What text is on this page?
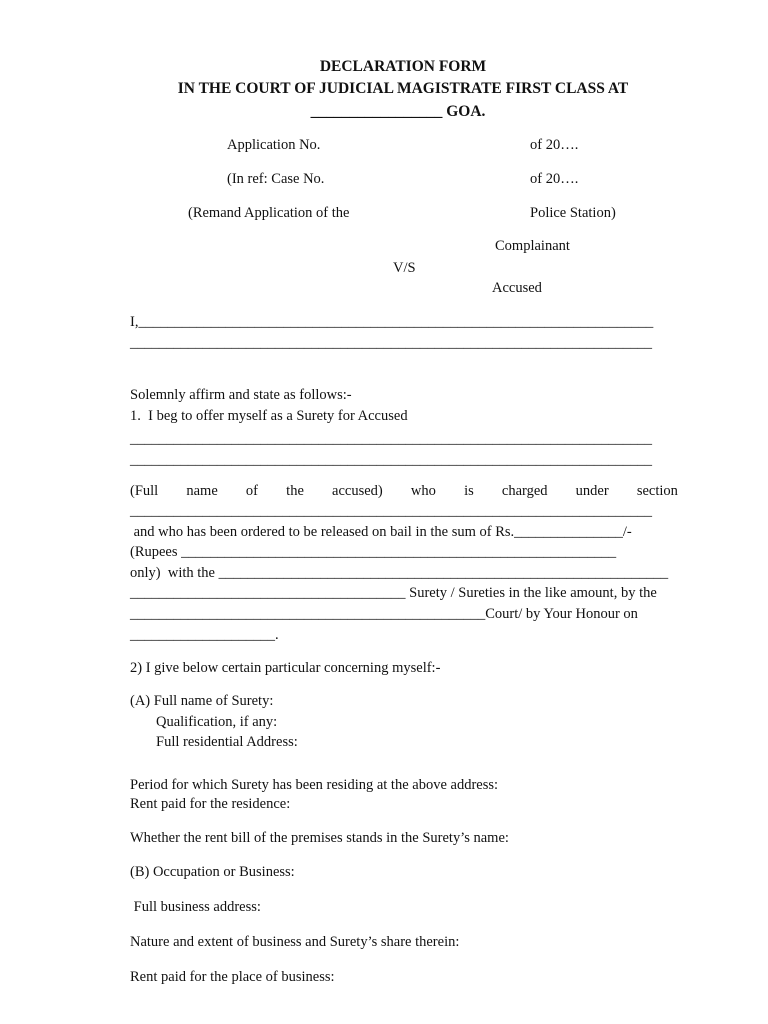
DECLARATION FORM
IN THE COURT OF JUDICIAL MAGISTRATE FIRST CLASS AT
_________________ GOA.
Application No.	of 20….
(In ref: Case No.	of 20….
(Remand Application of the	Police Station)
Complainant
V/S
Accused
I,_______________________________________________________________________
________________________________________________________________________
Solemnly affirm and state as follows:-
1.  I beg to offer myself as a Surety for Accused
________________________________________________________________________
________________________________________________________________________
(Full name of the accused) who is charged under section
________________________________________________________________________
and who has been ordered to be released on bail in the sum of Rs._______________/-
(Rupees ____________________________________________________________
only)  with the ______________________________________________________________
______________________________________ Surety / Sureties in the like amount, by the
_________________________________________________Court/ by Your Honour on
____________________.
2) I give below certain particular concerning myself:-
(A) Full name of Surety:
Qualification, if any:
Full residential Address:
Period for which Surety has been residing at the above address:
Rent paid for the residence:
Whether the rent bill of the premises stands in the Surety’s name:
(B) Occupation or Business:
Full business address:
Nature and extent of business and Surety’s share therein:
Rent paid for the place of business:
